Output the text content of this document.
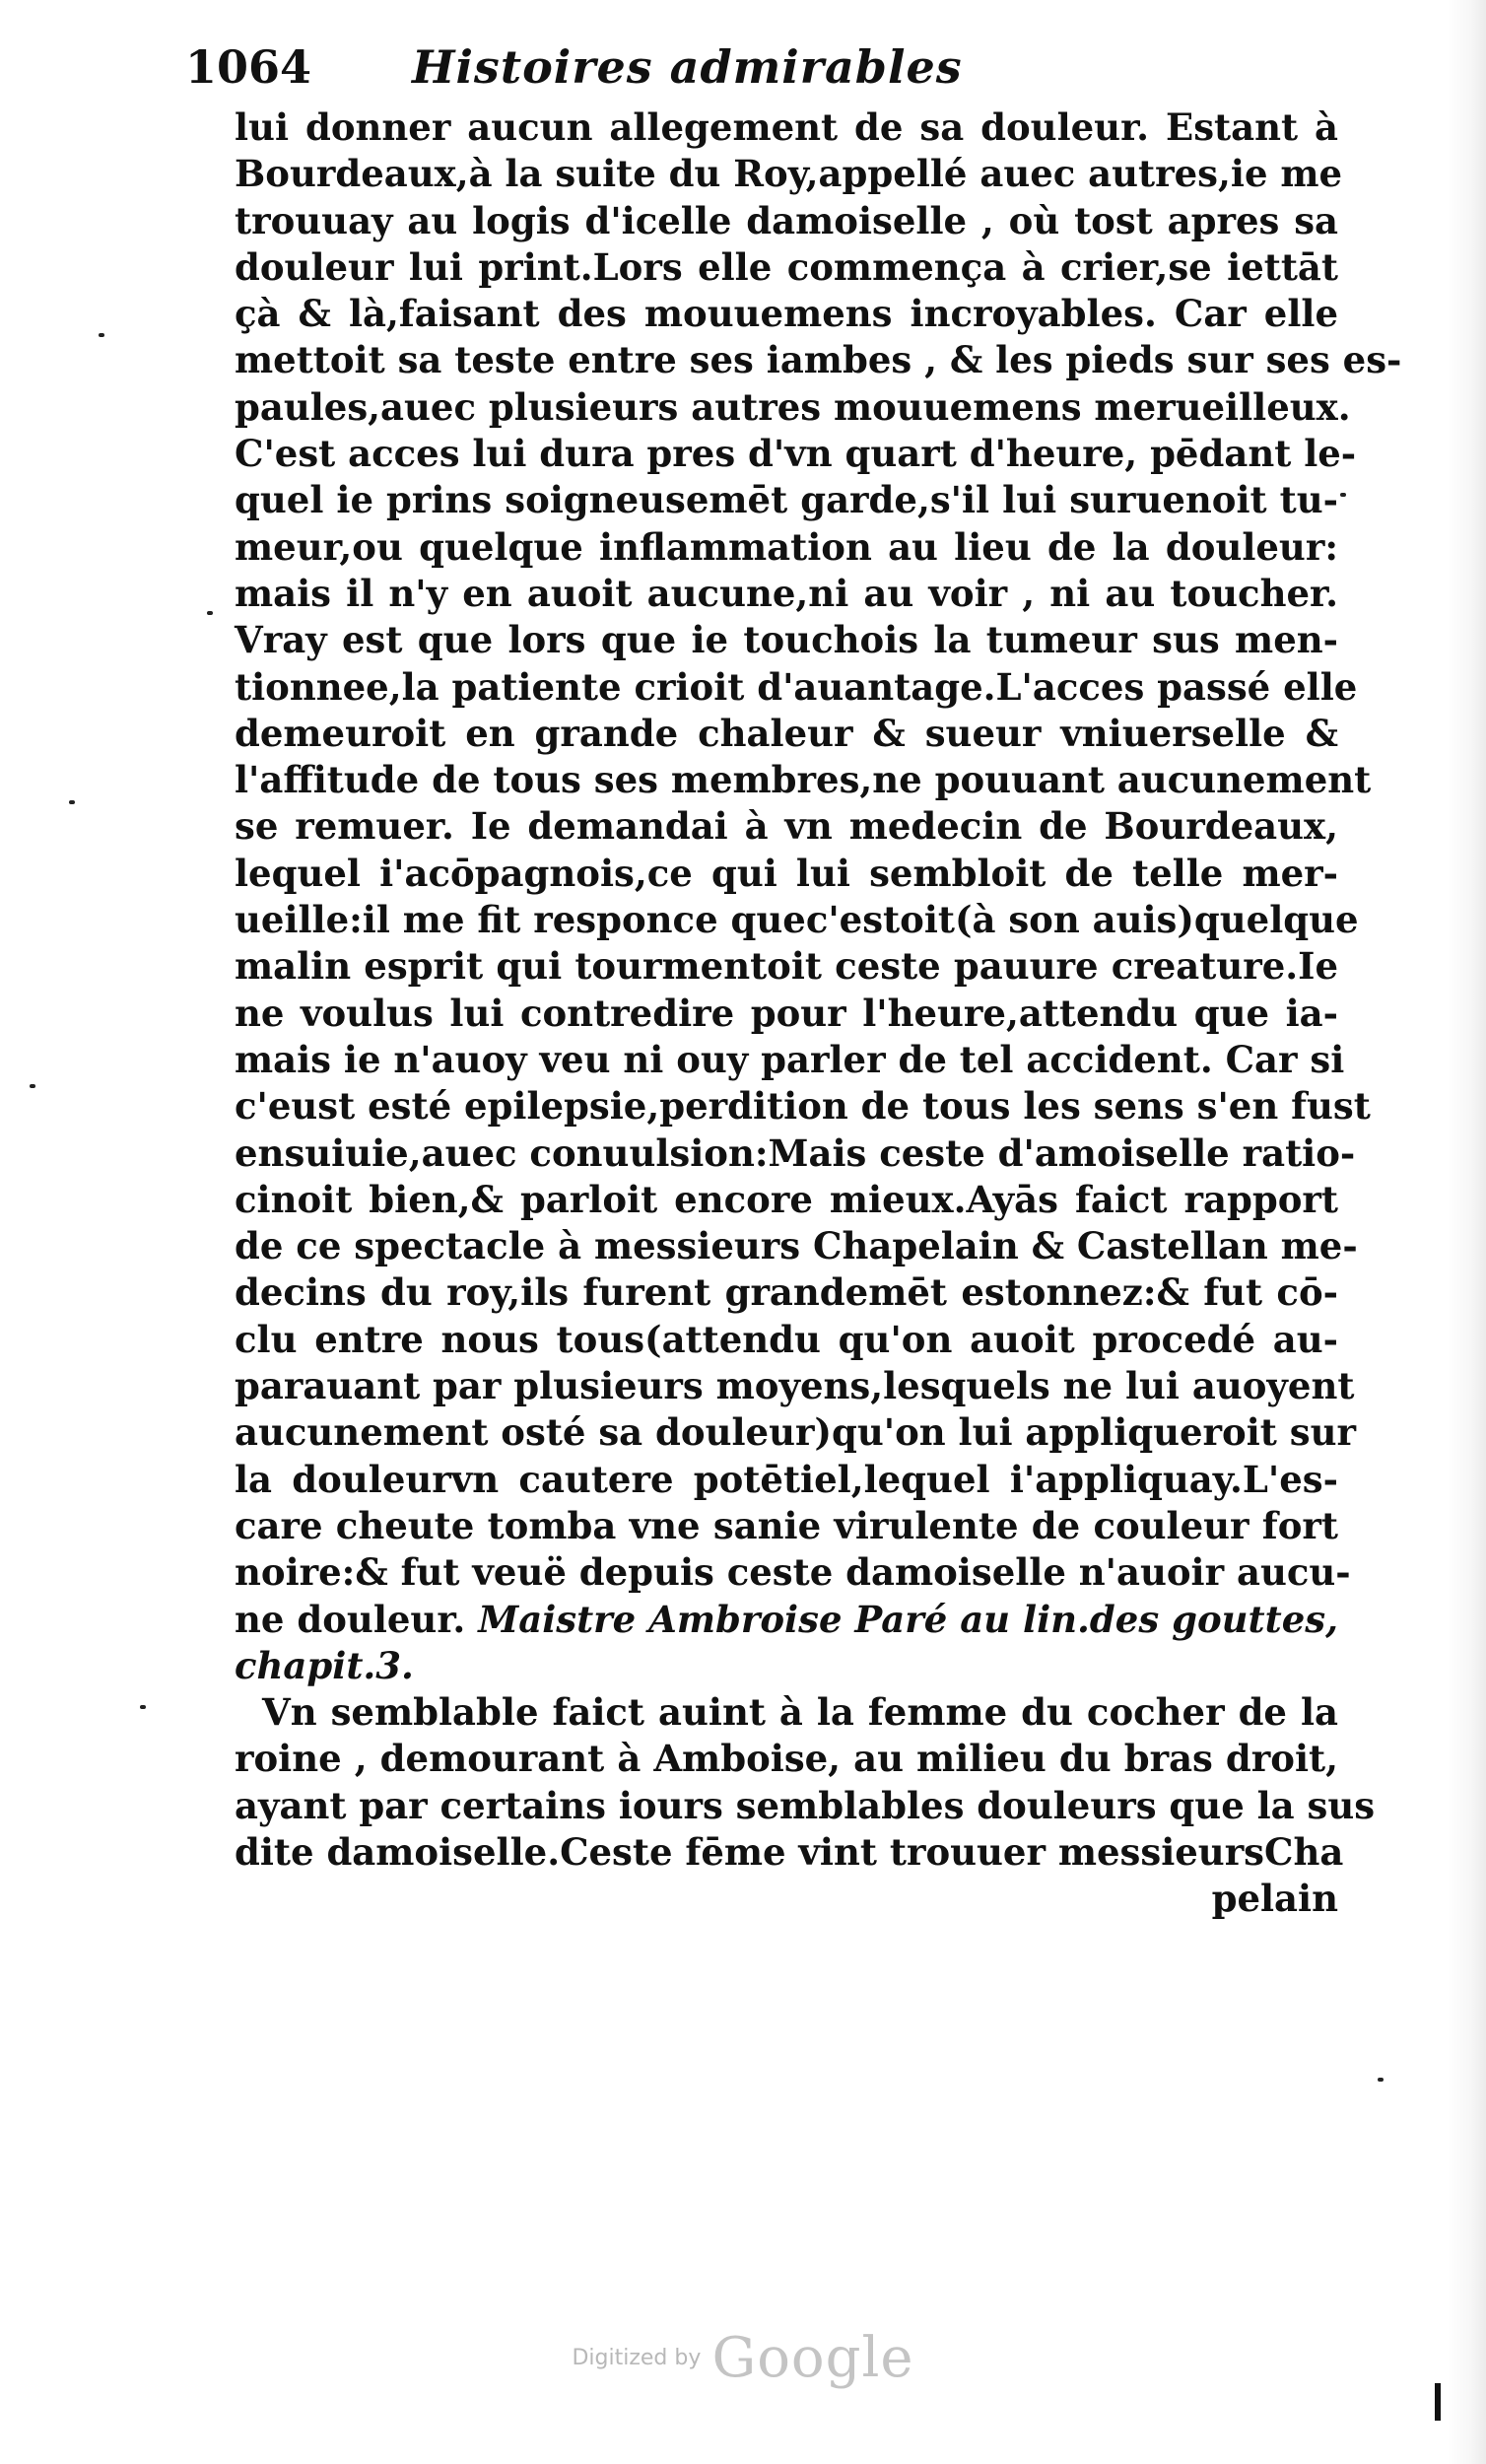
1064 Histoires admirables
lui donner aucun allegement de sa douleur. Estant à
Bourdeaux,à la suite du Roy,appellé auec autres,ie me
trouuay au logis d'icelle damoiselle , où tost apres sa
douleur lui print.Lors elle commença à crier,se iettāt
çà & là,faisant des mouuemens incroyables. Car elle
mettoit sa teste entre ses iambes , & les pieds sur ses es-
paules,auec plusieurs autres mouuemens merueilleux.
C'est acces lui dura pres d'vn quart d'heure, pēdant le-
quel ie prins soigneusemēt garde,s'il lui suruenoit tu-
meur,ou quelque inflammation au lieu de la douleur:
mais il n'y en auoit aucune,ni au voir , ni au toucher.
Vray est que lors que ie touchois la tumeur sus men-
tionnee,la patiente crioit d'auantage.L'acces passé elle
demeuroit en grande chaleur & sueur vniuerselle &
l'affitude de tous ses membres,ne pouuant aucunement
se remuer. Ie demandai à vn medecin de Bourdeaux,
lequel i'acōpagnois,ce qui lui sembloit de telle mer-
ueille:il me fit responce quec'estoit(à son auis)quelque
malin esprit qui tourmentoit ceste pauure creature.Ie
ne voulus lui contredire pour l'heure,attendu que ia-
mais ie n'auoy veu ni ouy parler de tel accident. Car si
c'eust esté epilepsie,perdition de tous les sens s'en fust
ensuiuie,auec conuulsion:Mais ceste d'amoiselle ratio-
cinoit bien,& parloit encore mieux.Ayās faict rapport
de ce spectacle à messieurs Chapelain & Castellan me-
decins du roy,ils furent grandemēt estonnez:& fut cō-
clu entre nous tous(attendu qu'on auoit procedé au-
parauant par plusieurs moyens,lesquels ne lui auoyent
aucunement osté sa douleur)qu'on lui appliqueroit sur
la douleurvn cautere potētiel,lequel i'appliquay.L'es-
care cheute tomba vne sanie virulente de couleur fort
noire:& fut veuë depuis ceste damoiselle n'auoir aucu-
ne douleur. Maistre Ambroise Paré au lin.des gouttes,
chapit.3.
Vn semblable faict auint à la femme du cocher de la
roine , demourant à Amboise, au milieu du bras droit,
ayant par certains iours semblables douleurs que la sus
dite damoiselle.Ceste fēme vint trouuer messieursCha
pelain
Digitized by Google
